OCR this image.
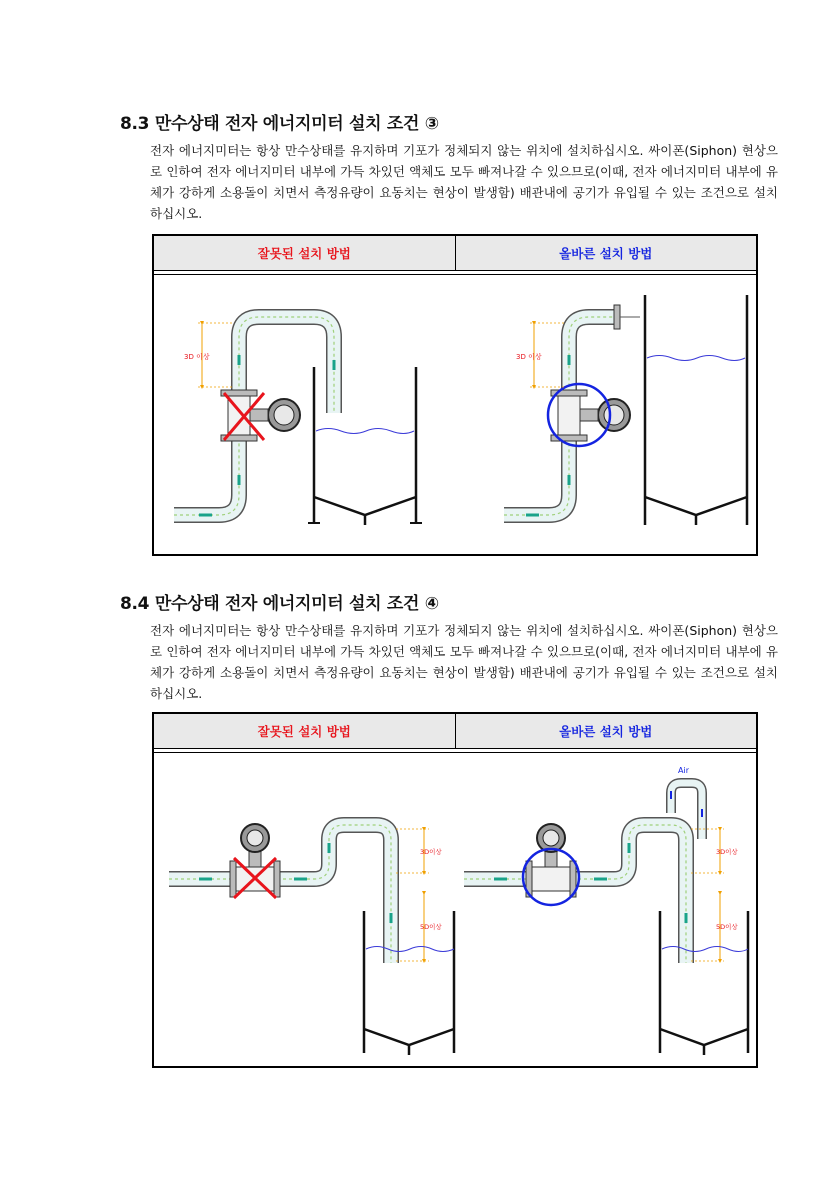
8.3 만수상태 전자 에너지미터 설치 조건 ③
전자 에너지미터는 항상 만수상태를 유지하며 기포가 정체되지 않는 위치에 설치하십시오. 싸이폰(Siphon) 현상으로 인하여 전자 에너지미터 내부에 가득 차있던 액체도 모두 빠져나갈 수 있으므로(이때, 전자 에너지미터 내부에 유체가 강하게 소용돌이 치면서 측정유량이 요동치는 현상이 발생함) 배관내에 공기가 유입될 수 있는 조건으로 설치하십시오.
잘못된 설치 방법	올바른 설치 방법
3D 이상	3D 이상
8.4 만수상태 전자 에너지미터 설치 조건 ④
전자 에너지미터는 항상 만수상태를 유지하며 기포가 정체되지 않는 위치에 설치하십시오. 싸이폰(Siphon) 현상으로 인하여 전자 에너지미터 내부에 가득 차있던 액체도 모두 빠져나갈 수 있으므로(이때, 전자 에너지미터 내부에 유체가 강하게 소용돌이 치면서 측정유량이 요동치는 현상이 발생함) 배관내에 공기가 유입될 수 있는 조건으로 설치하십시오.
잘못된 설치 방법	올바른 설치 방법
3D이상
5D이상
Air
3D이상
5D이상
